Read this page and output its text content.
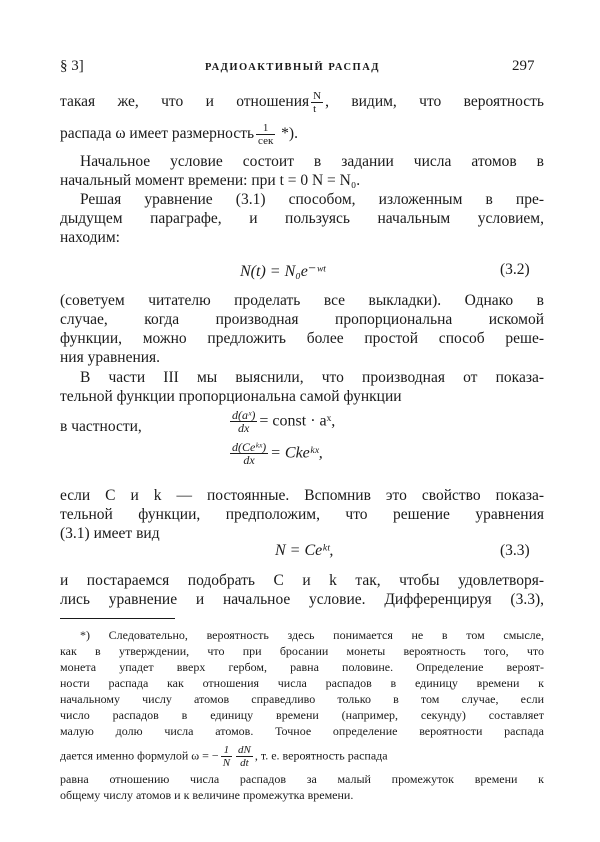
§ 3]	РАДИОАКТИВНЫЙ РАСПАД	297
такая же, что и отношения $\frac{N}{t}$ , видим, что вероятность
распада ω имеет размерность $\frac{1}{\text{сек}}$ *).
Начальное условие состоит в задании числа атомов в
начальный момент времени: при t = 0 N = N₀.
Решая уравнение (3.1) способом, изложенным в пре-
дыдущем параграфе, и пользуясь начальным условием,
находим:
N(t) = N₀e⁻ʷᵗ	(3.2)
(советуем читателю проделать все выкладки). Однако в
случае, когда производная пропорциональна искомой
функции, можно предложить более простой способ реше-
ния уравнения.
В части III мы выяснили, что производная от показа-
тельной функции пропорциональна самой функции
$\frac{\text{d(aˣ)}}{dx}$ = const · aˣ,
в частности,
$\frac{\text{d(Ceᵏˣ)}}{dx}$ = Ckeᵏˣ,
если C и k — постоянные. Вспомнив это свойство показа-
тельной функции, предположим, что решение уравнения
(3.1) имеет вид
N = Ceᵏᵗ,	(3.3)
и постараемся подобрать C и k так, чтобы удовлетворя-
лись уравнение и начальное условие. Дифференцируя (3.3),
*) Следовательно, вероятность здесь понимается не в том смысле,
как в утверждении, что при бросании монеты вероятность того, что
монета упадет вверх гербом, равна половине. Определение вероят-
ности распада как отношения числа распадов в единицу времени к
начальному числу атомов справедливо только в том случае, если
число распадов в единицу времени (например, секунду) составляет
малую долю числа атомов. Точное определение вероятности распада
дается именно формулой ω = − $\frac{1}{N} \frac{dN}{dt}$ , т. е. вероятность распада
равна отношению числа распадов за малый промежуток времени к
общему числу атомов и к величине промежутка времени.
